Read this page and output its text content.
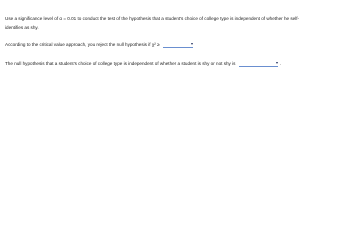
Use a significance level of α = 0.01 to conduct the test of the hypothesis that a student's choice of college type is independent of whether he self-
identifies as shy.
According to the critical value approach, you reject the null hypothesis if χ² ≥
The null hypothesis that a student's choice of college type is independent of whether a student is shy or not shy is	.
